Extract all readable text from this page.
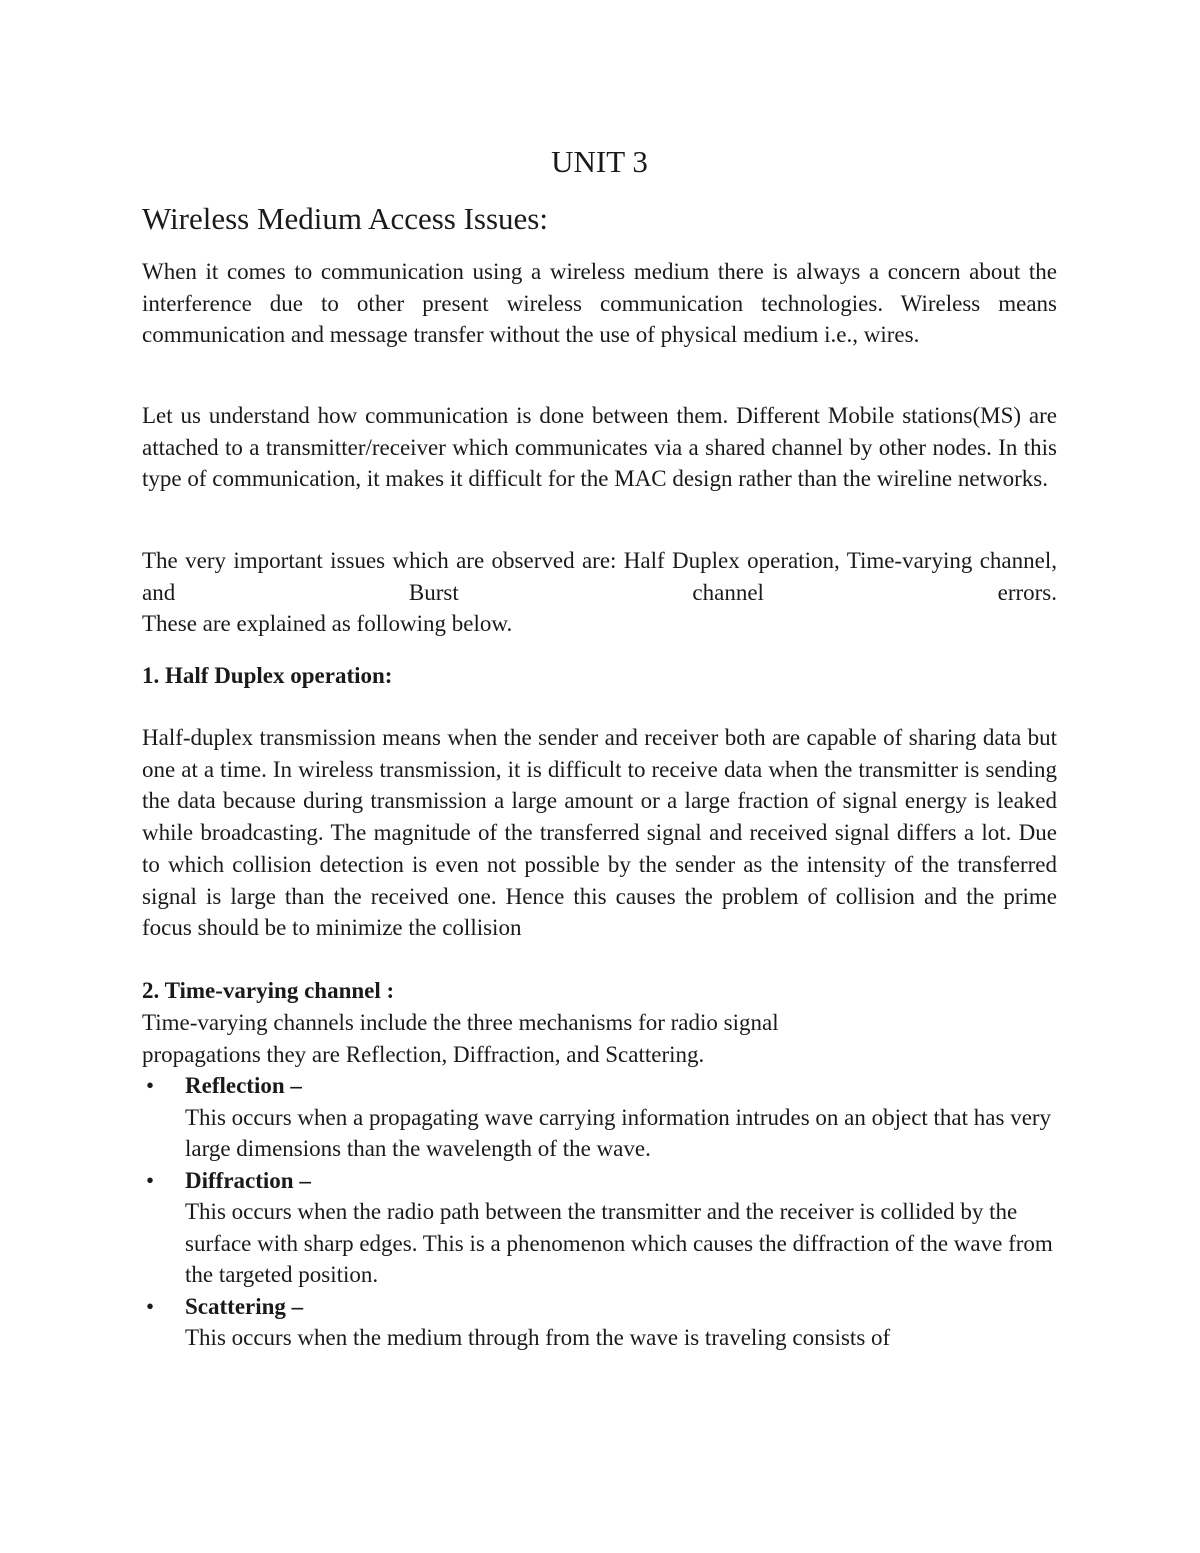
UNIT 3
Wireless Medium Access Issues:

When it comes to communication using a wireless medium there is always a concern about the interference due to other present wireless communication technologies. Wireless means communication and message transfer without the use of physical medium i.e., wires.

Let us understand how communication is done between them. Different Mobile stations(MS) are attached to a transmitter/receiver which communicates via a shared channel by other nodes. In this type of communication, it makes it difficult for the MAC design rather than the wireline networks.

The very important issues which are observed are: Half Duplex operation, Time-varying channel, and Burst channel errors.

These are explained as following below.

1. Half Duplex operation:

Half-duplex transmission means when the sender and receiver both are capable of sharing data but one at a time. In wireless transmission, it is difficult to receive data when the transmitter is sending the data because during transmission a large amount or a large fraction of signal energy is leaked while broadcasting. The magnitude of the transferred signal and received signal differs a lot. Due to which collision detection is even not possible by the sender as the intensity of the transferred signal is large than the received one. Hence this causes the problem of collision and the prime focus should be to minimize the collision

2. Time-varying channel :

Time-varying channels include the three mechanisms for radio signal

propagations they are Reflection, Diffraction, and Scattering.

• Reflection –
This occurs when a propagating wave carrying information intrudes on an object that has very large dimensions than the wavelength of the wave.
• Diffraction –
This occurs when the radio path between the transmitter and the receiver is collided by the surface with sharp edges. This is a phenomenon which causes the diffraction of the wave from the targeted position.
• Scattering –
This occurs when the medium through from the wave is traveling consists of
